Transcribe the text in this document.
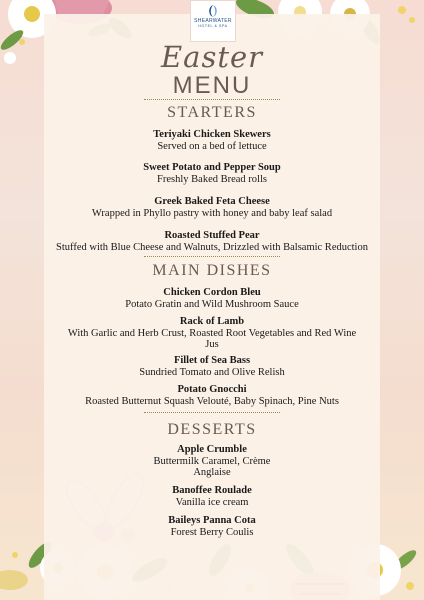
SHEARWATER
HOTEL & SPA
Easter
MENU
STARTERS
Teriyaki Chicken Skewers
Served on a bed of lettuce
Sweet Potato and Pepper Soup
Freshly Baked Bread rolls
Greek Baked Feta Cheese
Wrapped in Phyllo pastry with honey and baby leaf salad
Roasted Stuffed Pear
Stuffed with Blue Cheese and Walnuts, Drizzled with Balsamic Reduction
MAIN DISHES
Chicken Cordon Bleu
Potato Gratin and Wild Mushroom Sauce
Rack of Lamb
With Garlic and Herb Crust, Roasted Root Vegetables and Red Wine
Jus
Fillet of Sea Bass
Sundried Tomato and Olive Relish
Potato Gnocchi
Roasted Butternut Squash Velouté, Baby Spinach, Pine Nuts
DESSERTS
Apple Crumble
Buttermilk Caramel, Crème
Anglaise
Banoffee Roulade
Vanilla ice cream
Baileys Panna Cota
Forest Berry Coulis
